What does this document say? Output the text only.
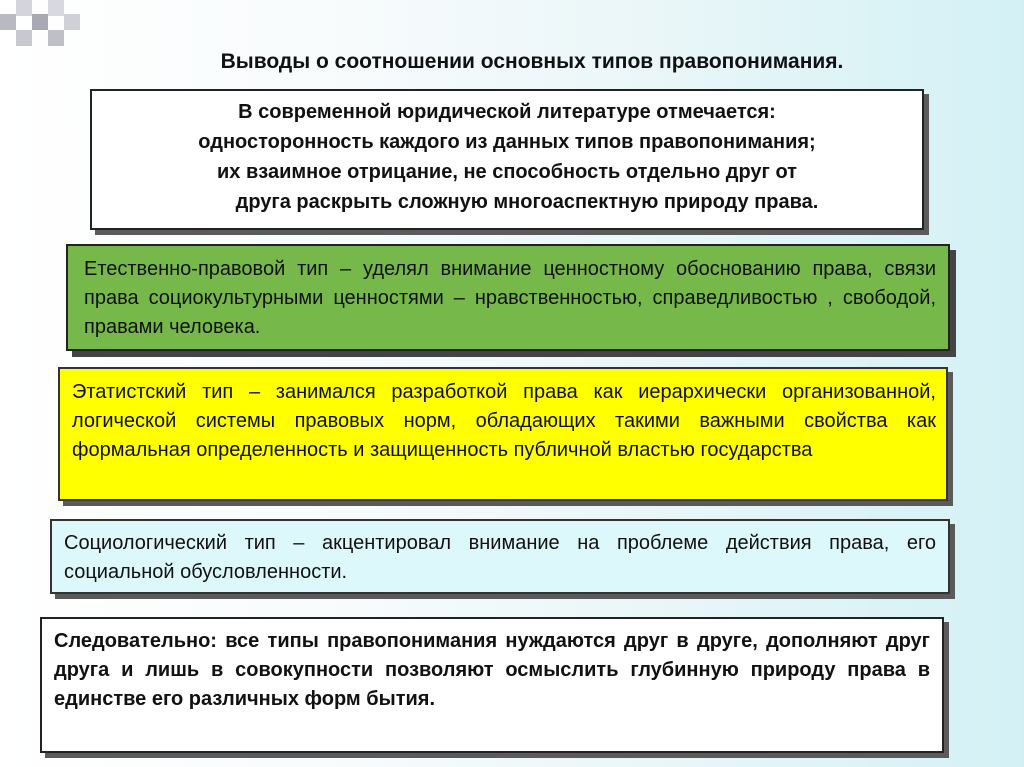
Выводы о соотношении основных типов правопонимания.

В современной юридической литературе отмечается:

односторонность каждого из данных типов правопонимания;

их взаимное отрицание, не способность отдельно друг от

друга раскрыть сложную многоаспектную природу права.

Етественно-правовой тип – уделял внимание ценностному обоснованию права, связи права социокультурными ценностями – нравственностью, справедливостью , свободой, правами человека.

Этатистский тип – занимался разработкой права как иерархически организованной, логической системы правовых норм, обладающих такими важными свойства как формальная определенность и защищенность публичной властью государства

Социологический тип – акцентировал внимание на проблеме действия права, его социальной обусловленности.

Следовательно: все типы правопонимания нуждаются друг в друге, дополняют друг друга и лишь в совокупности позволяют осмыслить глубинную природу права в единстве его различных форм бытия.
